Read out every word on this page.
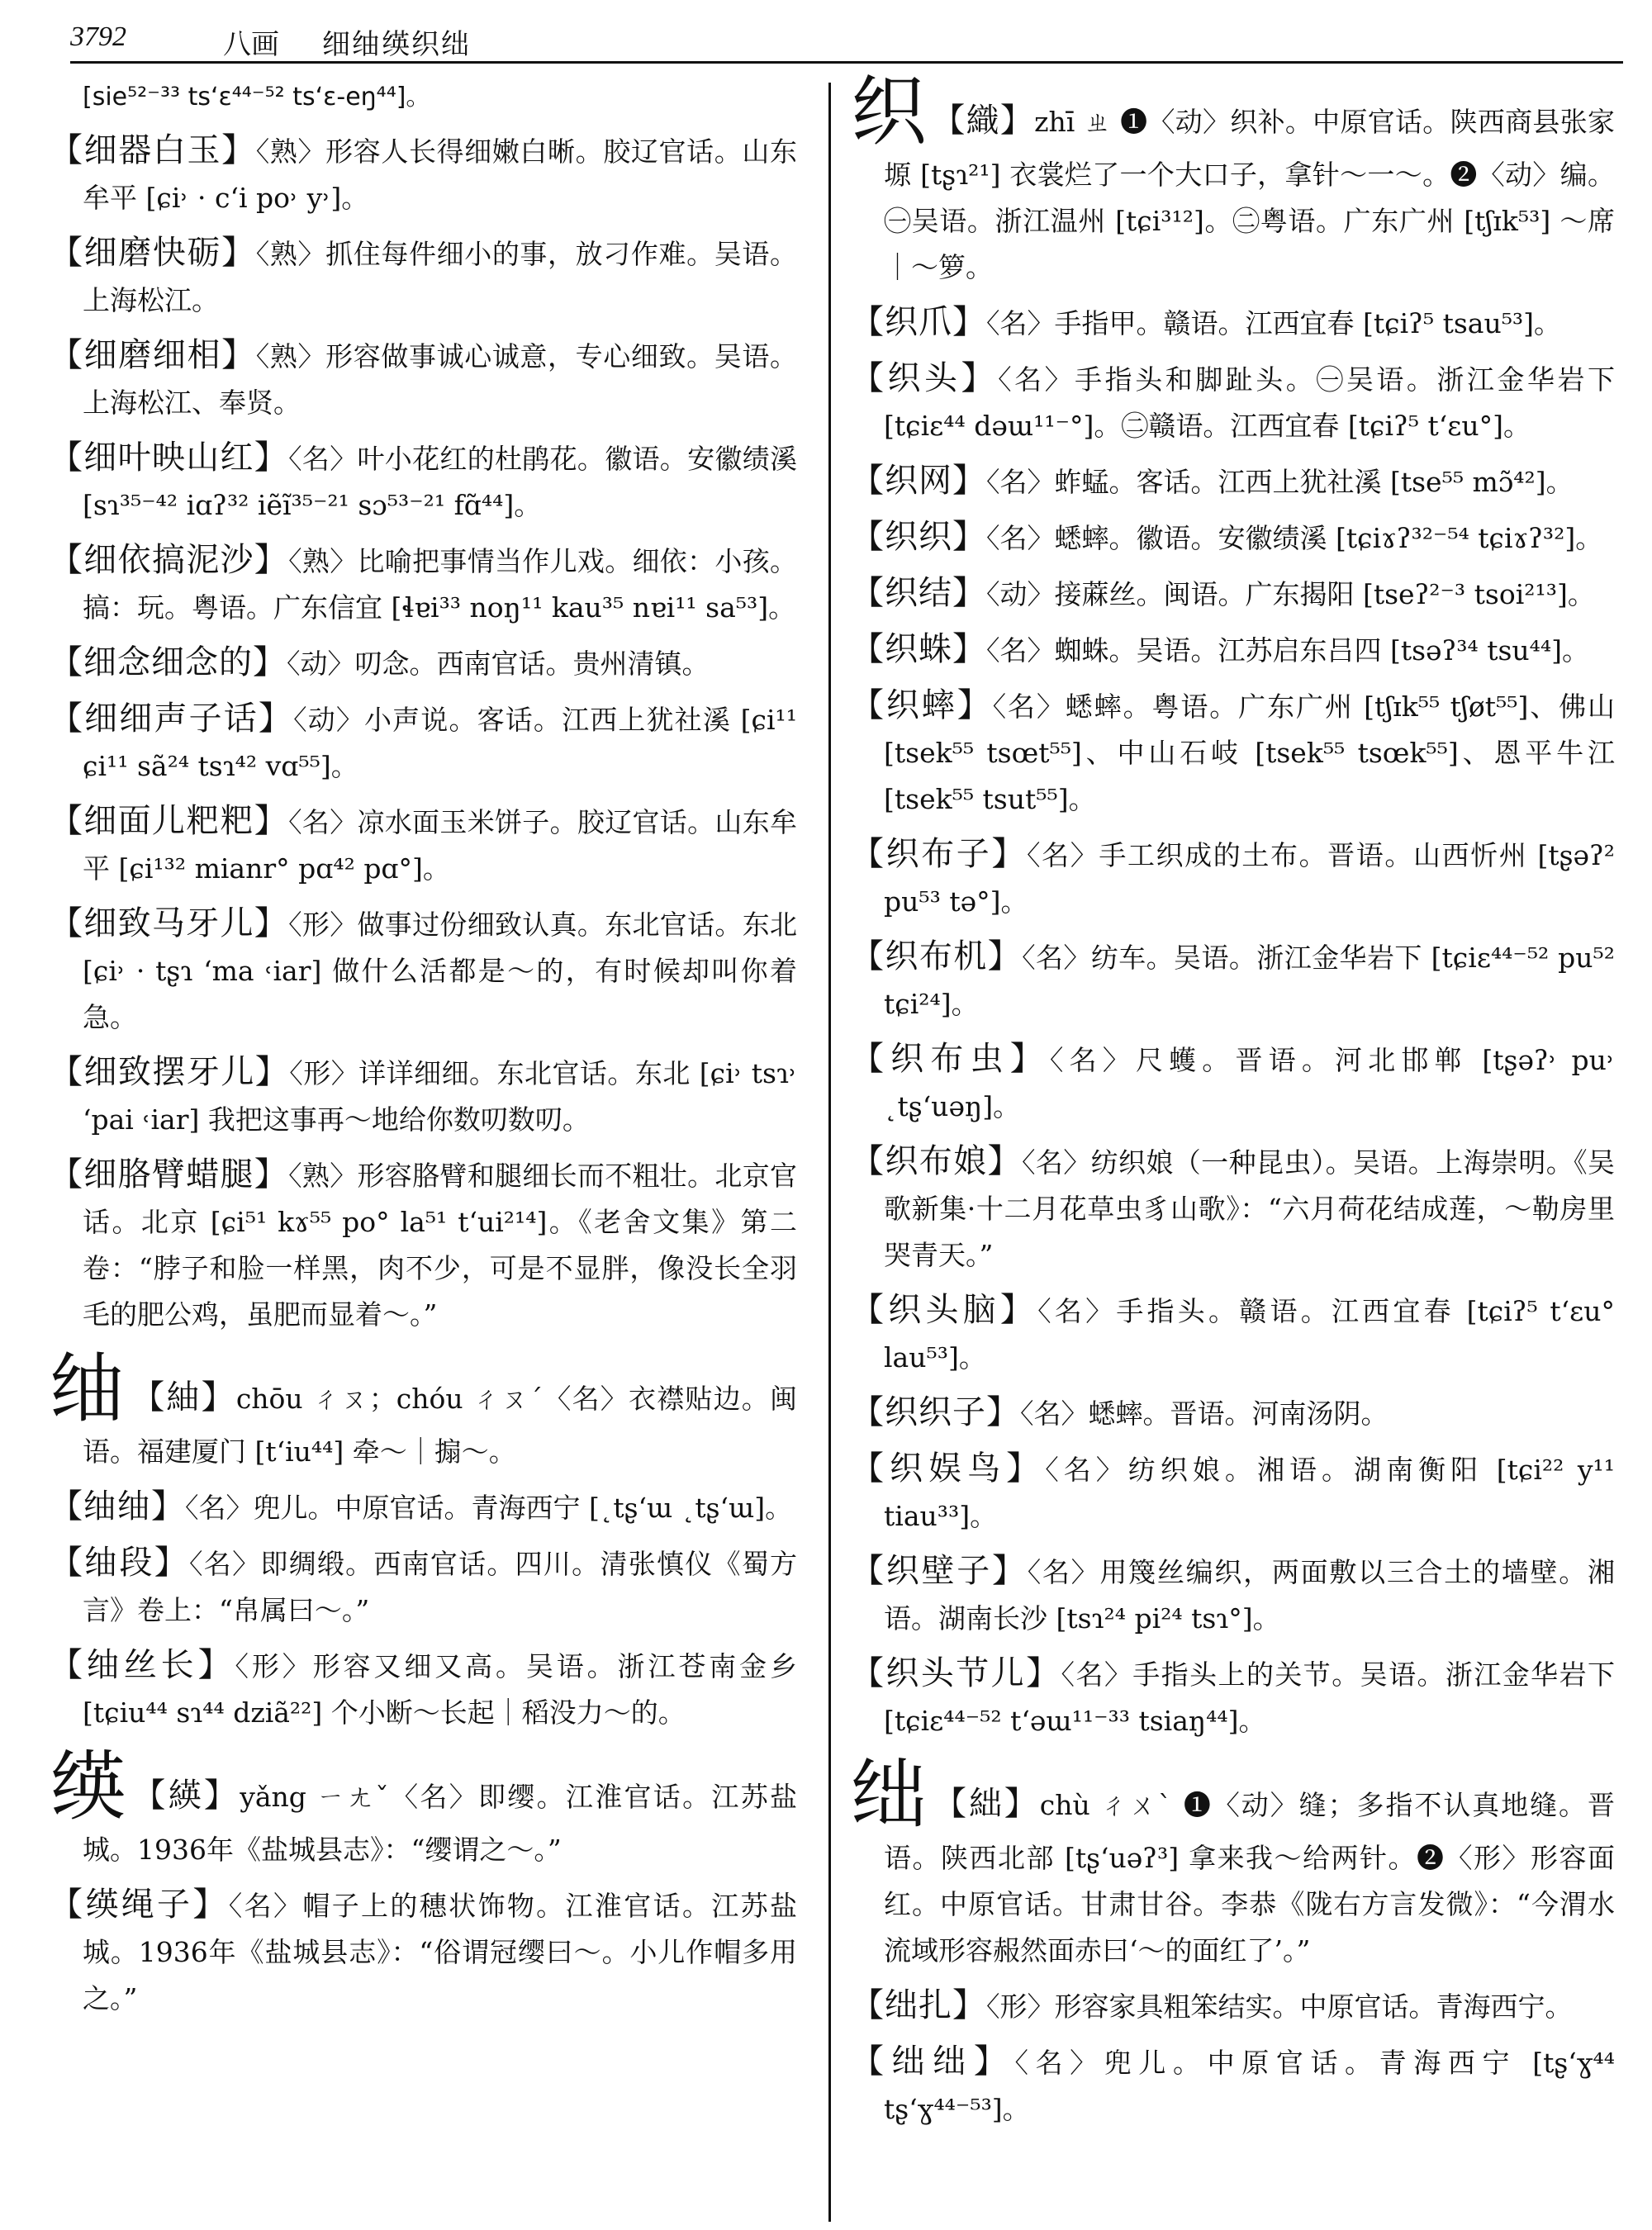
3792	八画 细䌷绬织绌
[sie⁵²⁻³³ ts‘ɛ⁴⁴⁻⁵² ts‘ɛ-eŋ⁴⁴]。
【细器白玉】〈熟〉形容人长得细嫩白晰。胶辽官话。山东牟平 [ɕi˒ · c‘i po˒ y˒]。
【细磨快砺】〈熟〉抓住每件细小的事，放刁作难。吴语。上海松江。
【细磨细相】〈熟〉形容做事诚心诚意，专心细致。吴语。上海松江、奉贤。
【细叶映山红】〈名〉叶小花红的杜鹃花。徽语。安徽绩溪 [sɿ³⁵⁻⁴² iɑʔ³² iẽĩ³⁵⁻²¹ sɔ⁵³⁻²¹ fɑ̃⁴⁴]。
【细依搞泥沙】〈熟〉比喻把事情当作儿戏。细依：小孩。搞：玩。粤语。广东信宜 [ɬɐi³³ noŋ¹¹ kau³⁵ nɐi¹¹ sa⁵³]。
【细念细念的】〈动〉叨念。西南官话。贵州清镇。
【细细声子话】〈动〉小声说。客话。江西上犹社溪 [ɕi¹¹ ɕi¹¹ sã²⁴ tsɿ⁴² vɑ⁵⁵]。
【细面儿粑粑】〈名〉凉水面玉米饼子。胶辽官话。山东牟平 [ɕi¹³² mianr° pɑ⁴² pɑ°]。
【细致马牙儿】〈形〉做事过份细致认真。东北官话。东北 [ɕi˒ · tʂɿ ‘ma ˓iar] 做什么活都是～的，有时候却叫你着急。
【细致摆牙儿】〈形〉详详细细。东北官话。东北 [ɕi˒ tsɿ˒ ‘pai ˓iar] 我把这事再～地给你数叨数叨。
【细胳臂蜡腿】〈熟〉形容胳臂和腿细长而不粗壮。北京官话。北京 [ɕi⁵¹ kɤ⁵⁵ po° la⁵¹ t‘ui²¹⁴]。《老舍文集》第二卷：“脖子和脸一样黑，肉不少，可是不显胖，像没长全羽毛的肥公鸡，虽肥而显着～。”
䌷 【紬】chōu ㄔㄡ；chóu ㄔㄡˊ〈名〉衣襟贴边。闽语。福建厦门 [t‘iu⁴⁴] 牵～｜搧～。
【䌷䌷】〈名〉兜儿。中原官话。青海西宁 [˛tʂ‘ɯ ˛tʂ‘ɯ]。
【䌷段】〈名〉即绸缎。西南官话。四川。清张慎仪《蜀方言》卷上：“帛属曰～。”
【䌷丝长】〈形〉形容又细又高。吴语。浙江苍南金乡 [tɕiu⁴⁴ sɿ⁴⁴ dziã²²] 个小断～长起｜稻没力～的。
绬 【緓】yǎng ㄧㄤˇ〈名〉即缨。江淮官话。江苏盐城。1936年《盐城县志》：“缨谓之～。”
【绬绳子】〈名〉帽子上的穗状饰物。江淮官话。江苏盐城。1936年《盐城县志》：“俗谓冠缨曰～。小儿作帽多用之。”
织 【織】zhī ㄓ ❶〈动〉织补。中原官话。陕西商县张家塬 [tʂɿ²¹] 衣裳烂了一个大口子，拿针～一～。❷〈动〉编。㊀吴语。浙江温州 [tɕi³¹²]。㊁粤语。广东广州 [tʃɪk⁵³] ～席｜～箩。
【织爪】〈名〉手指甲。赣语。江西宜春 [tɕiʔ⁵ tsau⁵³]。
【织头】〈名〉手指头和脚趾头。㊀吴语。浙江金华岩下 [tɕiɛ⁴⁴ dəɯ¹¹⁻°]。㊁赣语。江西宜春 [tɕiʔ⁵ t‘ɛu°]。
【织网】〈名〉蚱蜢。客话。江西上犹社溪 [tse⁵⁵ mɔ̃⁴²]。
【织织】〈名〉蟋蟀。徽语。安徽绩溪 [tɕiɤʔ³²⁻⁵⁴ tɕiɤʔ³²]。
【织结】〈动〉接蔴丝。闽语。广东揭阳 [tseʔ²⁻³ tsoi²¹³]。
【织蛛】〈名〉蜘蛛。吴语。江苏启东吕四 [tsəʔ³⁴ tsu⁴⁴]。
【织蟀】〈名〉蟋蟀。粤语。广东广州 [tʃɪk⁵⁵ tʃøt⁵⁵]、佛山 [tsek⁵⁵ tsœt⁵⁵]、中山石岐 [tsek⁵⁵ tsœk⁵⁵]、恩平牛江 [tsek⁵⁵ tsut⁵⁵]。
【织布子】〈名〉手工织成的土布。晋语。山西忻州 [tʂəʔ² pu⁵³ tə°]。
【织布机】〈名〉纺车。吴语。浙江金华岩下 [tɕiɛ⁴⁴⁻⁵² pu⁵² tɕi²⁴]。
【织布虫】〈名〉尺蠖。晋语。河北邯郸 [tʂəʔ˒ pu˒ ˛tʂ‘uəŋ]。
【织布娘】〈名〉纺织娘（一种昆虫）。吴语。上海崇明。《吴歌新集·十二月花草虫豸山歌》：“六月荷花结成莲，～勒房里哭青天。”
【织头脑】〈名〉手指头。赣语。江西宜春 [tɕiʔ⁵ t‘ɛu° lau⁵³]。
【织织子】〈名〉蟋蟀。晋语。河南汤阴。
【织娱鸟】〈名〉纺织娘。湘语。湖南衡阳 [tɕi²² y¹¹ tiau³³]。
【织壁子】〈名〉用篾丝编织，两面敷以三合土的墙壁。湘语。湖南长沙 [tsɿ²⁴ pi²⁴ tsɿ°]。
【织头节儿】〈名〉手指头上的关节。吴语。浙江金华岩下 [tɕiɛ⁴⁴⁻⁵² t‘əɯ¹¹⁻³³ tsiaŋ⁴⁴]。
绌 【絀】chù ㄔㄨˋ ❶〈动〉缝；多指不认真地缝。晋语。陕西北部 [tʂ‘uəʔ³] 拿来我～给两针。❷〈形〉形容面红。中原官话。甘肃甘谷。李恭《陇右方言发微》：“今渭水流域形容赧然面赤曰‘～的面红了’。”
【绌扎】〈形〉形容家具粗笨结实。中原官话。青海西宁。
【绌绌】〈名〉兜儿。中原官话。青海西宁 [tʂ‘ɣ⁴⁴ tʂ‘ɣ⁴⁴⁻⁵³]。
